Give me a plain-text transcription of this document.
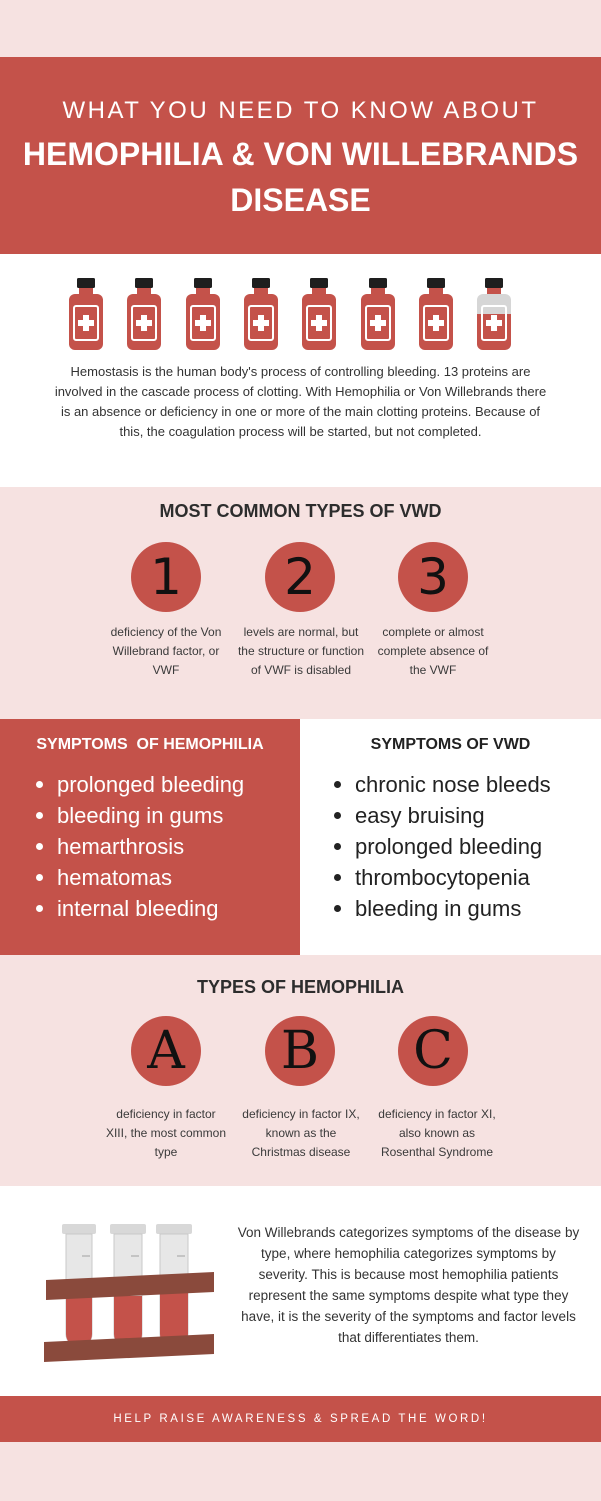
WHAT YOU NEED TO KNOW ABOUT
HEMOPHILIA & VON WILLEBRANDS DISEASE
Hemostasis is the human body's process of controlling bleeding. 13 proteins are involved in the cascade process of clotting. With Hemophilia or Von Willebrands there is an absence or deficiency in one or more of the main clotting proteins. Because of this, the coagulation process will be started, but not completed.
MOST COMMON TYPES OF VWD
1	2	3
deficiency of the Von Willebrand factor, or VWF
levels are normal, but the structure or function of VWF is disabled
complete or almost complete absence of the VWF
SYMPTOMS  OF HEMOPHILIA
prolonged bleeding
bleeding in gums
hemarthrosis
hematomas
internal bleeding
SYMPTOMS OF VWD
chronic nose bleeds
easy bruising
prolonged bleeding
thrombocytopenia
bleeding in gums
TYPES OF HEMOPHILIA
A	B	C
deficiency in factor XIII, the most common type
deficiency in factor IX, known as the Christmas disease
deficiency in factor XI, also known as Rosenthal Syndrome
Von Willebrands categorizes symptoms of the disease by type, where hemophilia categorizes symptoms by severity. This is because most hemophilia patients represent the same symptoms despite what type they have, it is the severity of the symptoms and factor levels that differentiates them.
HELP RAISE AWARENESS & SPREAD THE WORD!
